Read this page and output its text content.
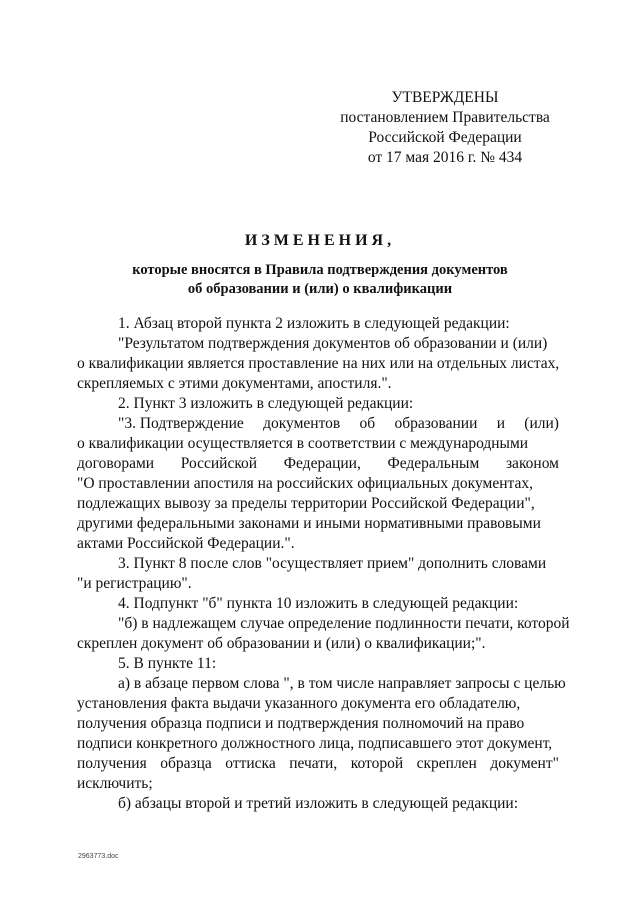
УТВЕРЖДЕНЫ
постановлением Правительства
Российской Федерации
от 17 мая 2016 г. № 434
ИЗМЕНЕНИЯ,
которые вносятся в Правила подтверждения документов
об образовании и (или) о квалификации
1. Абзац второй пункта 2 изложить в следующей редакции:
"Результатом подтверждения документов об образовании и (или)
о квалификации является проставление на них или на отдельных листах,
скрепляемых с этими документами, апостиля.".
2. Пункт 3 изложить в следующей редакции:
"3. Подтверждение документов об образовании и (или)
о квалификации осуществляется в соответствии с международными
договорами Российской Федерации, Федеральным законом
"О проставлении апостиля на российских официальных документах,
подлежащих вывозу за пределы территории Российской Федерации",
другими федеральными законами и иными нормативными правовыми
актами Российской Федерации.".
3. Пункт 8 после слов "осуществляет прием" дополнить словами
"и регистрацию".
4. Подпункт "б" пункта 10 изложить в следующей редакции:
"б) в надлежащем случае определение подлинности печати, которой
скреплен документ об образовании и (или) о квалификации;".
5. В пункте 11:
а) в абзаце первом слова ", в том числе направляет запросы с целью
установления факта выдачи указанного документа его обладателю,
получения образца подписи и подтверждения полномочий на право
подписи конкретного должностного лица, подписавшего этот документ,
получения образца оттиска печати, которой скреплен документ"
исключить;
б) абзацы второй и третий изложить в следующей редакции:
2963773.doc
